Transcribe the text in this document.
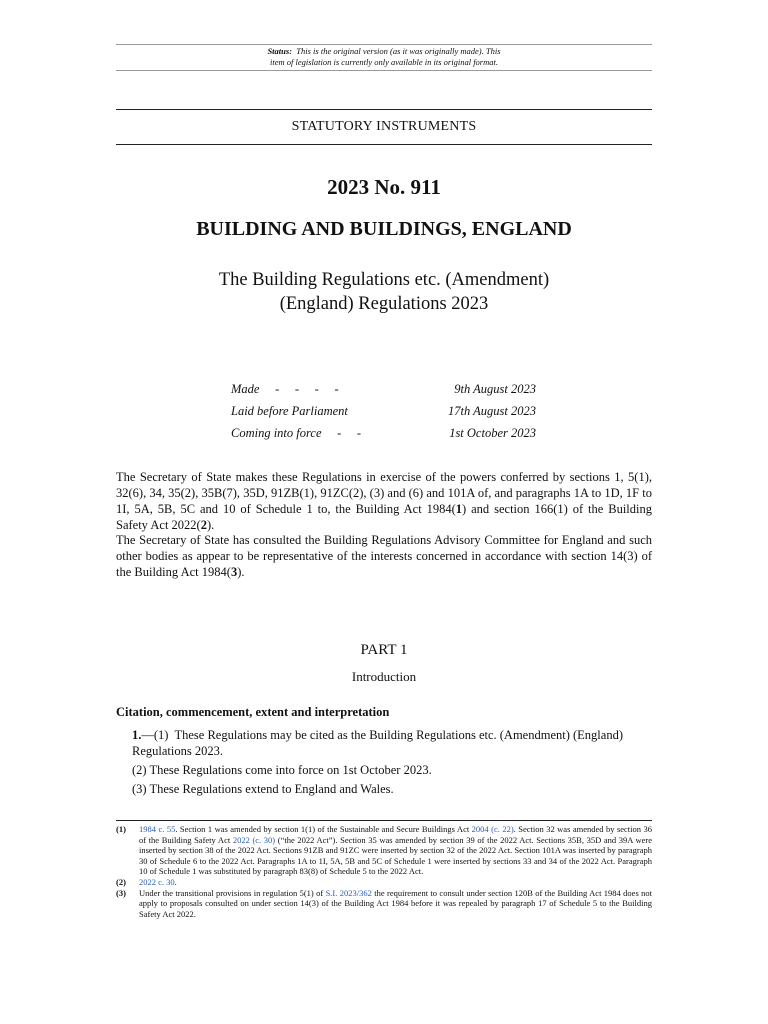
Status: This is the original version (as it was originally made). This
item of legislation is currently only available in its original format.
STATUTORY INSTRUMENTS
2023 No. 911
BUILDING AND BUILDINGS, ENGLAND
The Building Regulations etc. (Amendment)
(England) Regulations 2023
Made     -     -     -     -	9th August 2023
Laid before Parliament	17th August 2023
Coming into force     -     -	1st October 2023
The Secretary of State makes these Regulations in exercise of the powers conferred by sections 1, 5(1), 32(6), 34, 35(2), 35B(7), 35D, 91ZB(1), 91ZC(2), (3) and (6) and 101A of, and paragraphs 1A to 1D, 1F to 1I, 5A, 5B, 5C and 10 of Schedule 1 to, the Building Act 1984(1) and section 166(1) of the Building Safety Act 2022(2).
The Secretary of State has consulted the Building Regulations Advisory Committee for England and such other bodies as appear to be representative of the interests concerned in accordance with section 14(3) of the Building Act 1984(3).
PART 1
Introduction
Citation, commencement, extent and interpretation
1.—(1) These Regulations may be cited as the Building Regulations etc. (Amendment) (England) Regulations 2023.
(2) These Regulations come into force on 1st October 2023.
(3) These Regulations extend to England and Wales.
(1) 1984 c. 55. Section 1 was amended by section 1(1) of the Sustainable and Secure Buildings Act 2004 (c. 22). Section 32 was amended by section 36 of the Building Safety Act 2022 (c. 30) (“the 2022 Act”). Section 35 was amended by section 39 of the 2022 Act. Sections 35B, 35D and 39A were inserted by section 38 of the 2022 Act. Sections 91ZB and 91ZC were inserted by section 32 of the 2022 Act. Section 101A was inserted by paragraph 30 of Schedule 6 to the 2022 Act. Paragraphs 1A to 1I, 5A, 5B and 5C of Schedule 1 were inserted by sections 33 and 34 of the 2022 Act. Paragraph 10 of Schedule 1 was substituted by paragraph 83(8) of Schedule 5 to the 2022 Act.
(2) 2022 c. 30.
(3) Under the transitional provisions in regulation 5(1) of S.I. 2023/362 the requirement to consult under section 120B of the Building Act 1984 does not apply to proposals consulted on under section 14(3) of the Building Act 1984 before it was repealed by paragraph 17 of Schedule 5 to the Building Safety Act 2022.
